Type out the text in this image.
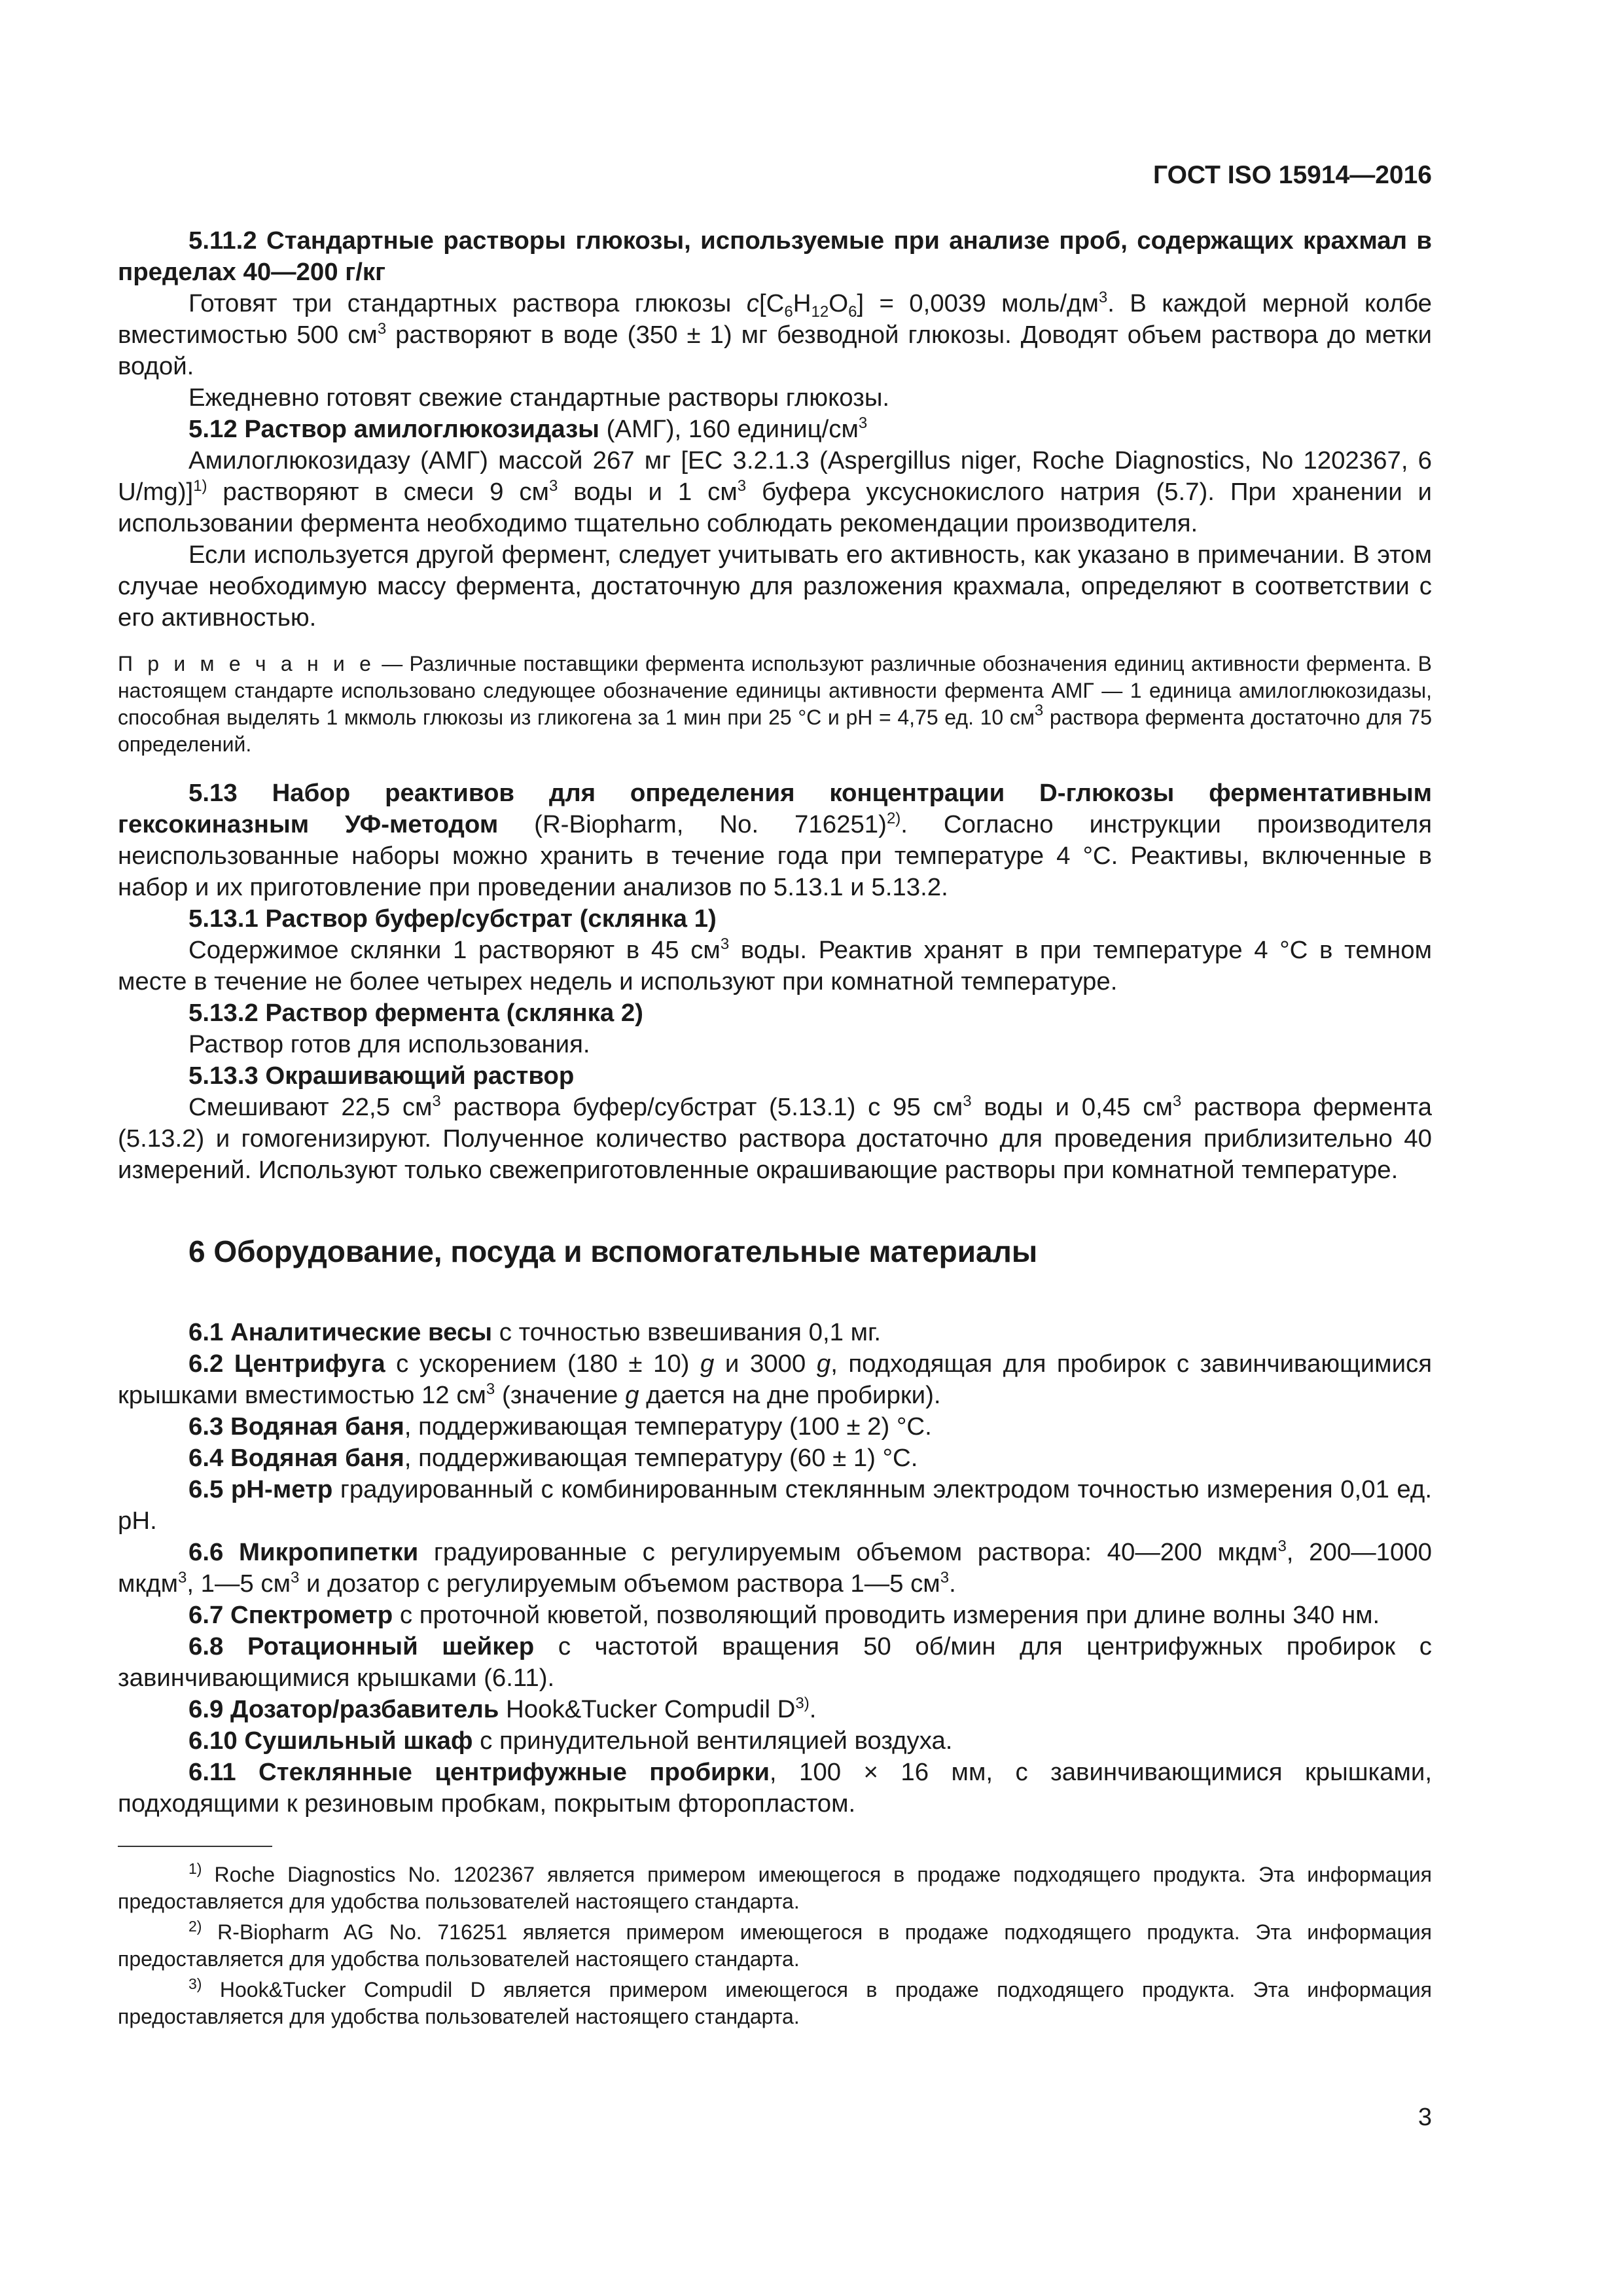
ГОСТ ISO 15914—2016

5.11.2 Стандартные растворы глюкозы, используемые при анализе проб, содержащих крахмал в пределах 40—200 г/кг

Готовят три стандартных раствора глюкозы $c[C_6H_{12}O_6] = 0,0039$ моль/$дм^3$. В каждой мерной колбе вместимостью 500 $см^3$ растворяют в воде (350 ± 1) мг безводной глюкозы. Доводят объем раствора до метки водой.

Ежедневно готовят свежие стандартные растворы глюкозы.

5.12 Раствор амилоглюкозидазы (АМГ), 160 единиц/$см^3$

Амилоглюкозидазу (АМГ) массой 267 мг [ЕС 3.2.1.3 (Aspergillus niger, Roche Diagnostics, No 1202367, 6 U/mg)]$^{1)}$ растворяют в смеси 9 $см^3$ воды и 1 $см^3$ буфера уксуснокислого натрия (5.7). При хранении и использовании фермента необходимо тщательно соблюдать рекомендации производителя.

Если используется другой фермент, следует учитывать его активность, как указано в примечании. В этом случае необходимую массу фермента, достаточную для разложения крахмала, определяют в соответствии с его активностью.

П р и м е ч а н и е — Различные поставщики фермента используют различные обозначения единиц активности фермента. В настоящем стандарте использовано следующее обозначение единицы активности фермента АМГ — 1 единица амилоглюкозидазы, способная выделять 1 мкмоль глюкозы из гликогена за 1 мин при 25 °С и pH = 4,75 ед. 10 $см^3$ раствора фермента достаточно для 75 определений.

5.13 Набор реактивов для определения концентрации D-глюкозы ферментативным гексокиназным УФ-методом (R-Biopharm, No. 716251)$^{2)}$. Согласно инструкции производителя неиспользованные наборы можно хранить в течение года при температуре 4 °С. Реактивы, включенные в набор и их приготовление при проведении анализов по 5.13.1 и 5.13.2.

5.13.1 Раствор буфер/субстрат (склянка 1)

Содержимое склянки 1 растворяют в 45 $см^3$ воды. Реактив хранят в при температуре 4 °С в темном месте в течение не более четырех недель и используют при комнатной температуре.

5.13.2 Раствор фермента (склянка 2)

Раствор готов для использования.

5.13.3 Окрашивающий раствор

Смешивают 22,5 $см^3$ раствора буфер/субстрат (5.13.1) с 95 $см^3$ воды и 0,45 $см^3$ раствора фермента (5.13.2) и гомогенизируют. Полученное количество раствора достаточно для проведения приблизительно 40 измерений. Используют только свежеприготовленные окрашивающие растворы при комнатной температуре.

6 Оборудование, посуда и вспомогательные материалы

6.1 Аналитические весы с точностью взвешивания 0,1 мг.

6.2 Центрифуга с ускорением (180 ± 10) g и 3000 g, подходящая для пробирок с завинчивающимися крышками вместимостью 12 $см^3$ (значение g дается на дне пробирки).

6.3 Водяная баня, поддерживающая температуру (100 ± 2) °С.

6.4 Водяная баня, поддерживающая температуру (60 ± 1) °С.

6.5 pH-метр градуированный с комбинированным стеклянным электродом точностью измерения 0,01 ед. pH.

6.6 Микропипетки градуированные с регулируемым объемом раствора: 40—200 мкдм$^3$, 200—1000 мкдм$^3$, 1—5 $см^3$ и дозатор с регулируемым объемом раствора 1—5 $см^3$.

6.7 Спектрометр с проточной кюветой, позволяющий проводить измерения при длине волны 340 нм.

6.8 Ротационный шейкер с частотой вращения 50 об/мин для центрифужных пробирок с завинчивающимися крышками (6.11).

6.9 Дозатор/разбавитель Hook&Tucker Compudil $D^{3)}$.

6.10 Сушильный шкаф с принудительной вентиляцией воздуха.

6.11 Стеклянные центрифужные пробирки, 100 × 16 мм, с завинчивающимися крышками, подходящими к резиновым пробкам, покрытым фторопластом.

$^{1)}$ Roche Diagnostics No. 1202367 является примером имеющегося в продаже подходящего продукта. Эта информация предоставляется для удобства пользователей настоящего стандарта.
$^{2)}$ R-Biopharm AG No. 716251 является примером имеющегося в продаже подходящего продукта. Эта информация предоставляется для удобства пользователей настоящего стандарта.
$^{3)}$ Hook&Tucker Compudil D является примером имеющегося в продаже подходящего продукта. Эта информация предоставляется для удобства пользователей настоящего стандарта.
3
